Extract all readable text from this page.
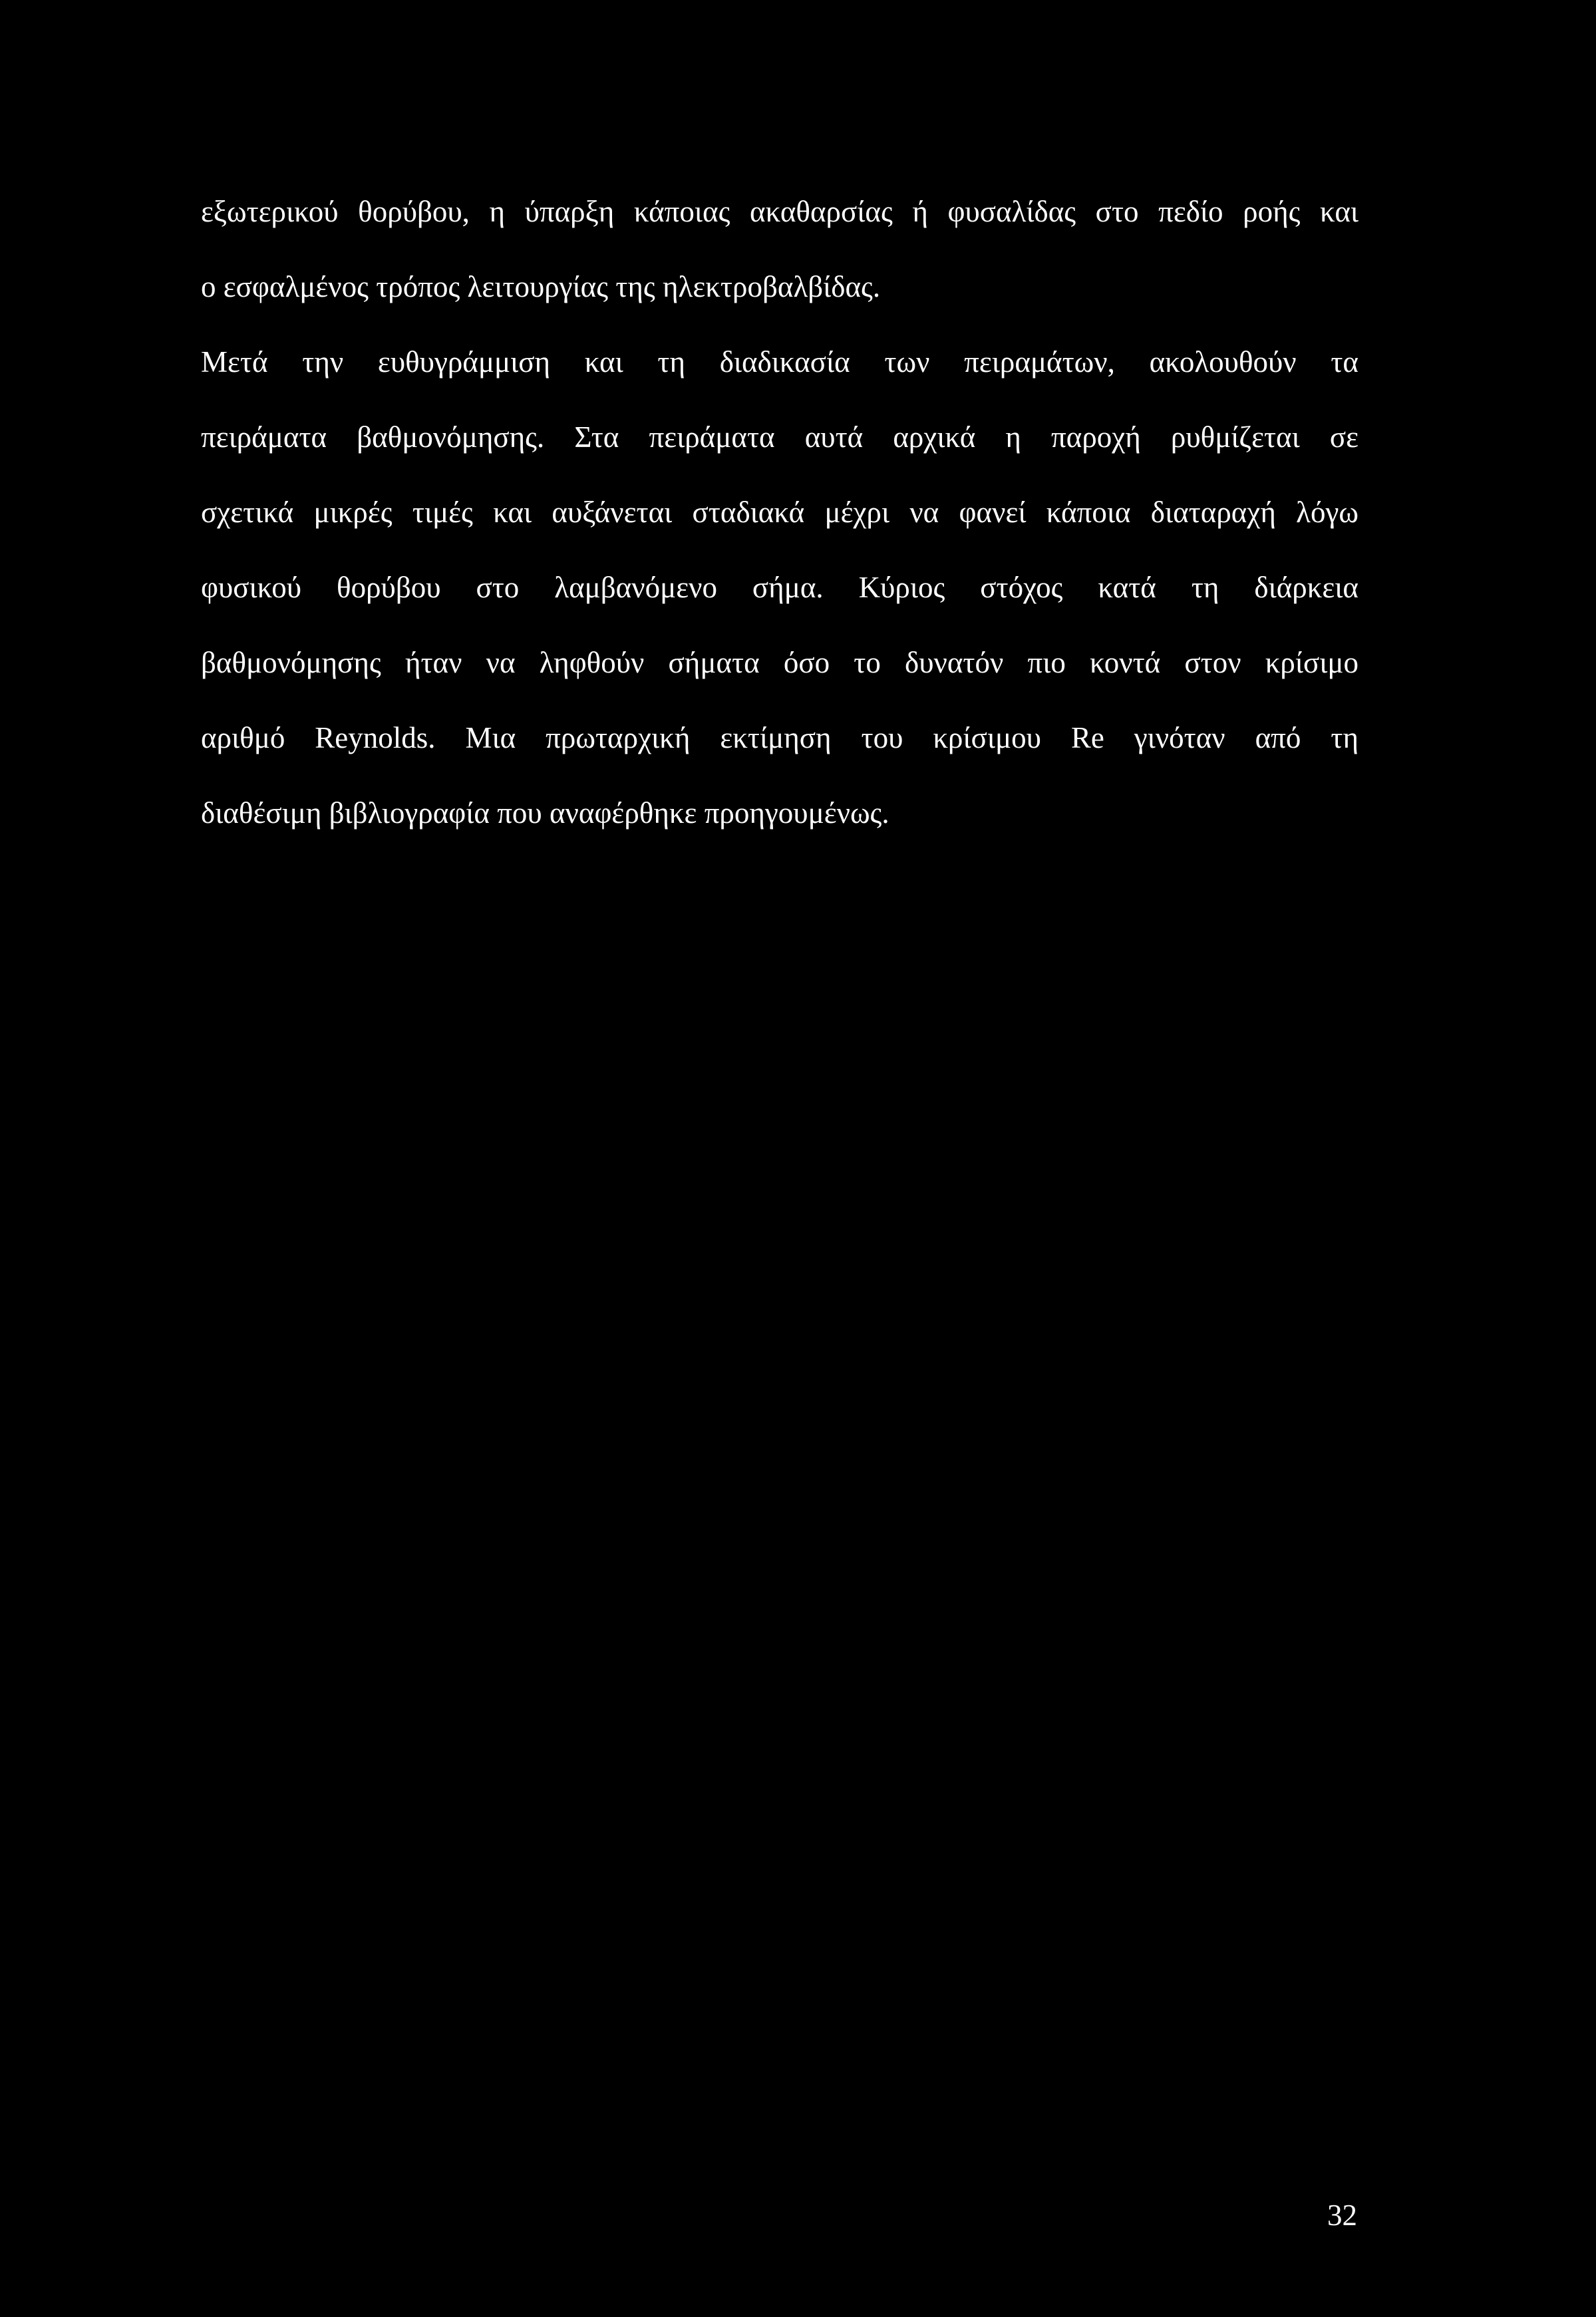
εξωτερικού θορύβου, η ύπαρξη κάποιας ακαθαρσίας ή φυσαλίδας στο πεδίο ροής και
ο εσφαλμένος τρόπος λειτουργίας της ηλεκτροβαλβίδας.
Μετά την ευθυγράμμιση και τη διαδικασία των πειραμάτων, ακολουθούν τα
πειράματα βαθμονόμησης. Στα πειράματα αυτά αρχικά η παροχή ρυθμίζεται σε
σχετικά μικρές τιμές και αυξάνεται σταδιακά μέχρι να φανεί κάποια διαταραχή λόγω
φυσικού θορύβου στο λαμβανόμενο σήμα. Κύριος στόχος κατά τη διάρκεια
βαθμονόμησης ήταν να ληφθούν σήματα όσο το δυνατόν πιο κοντά στον κρίσιμο
αριθμό Reynolds. Μια πρωταρχική εκτίμηση του κρίσιμου Re γινόταν από τη
διαθέσιμη βιβλιογραφία που αναφέρθηκε προηγουμένως.
32
